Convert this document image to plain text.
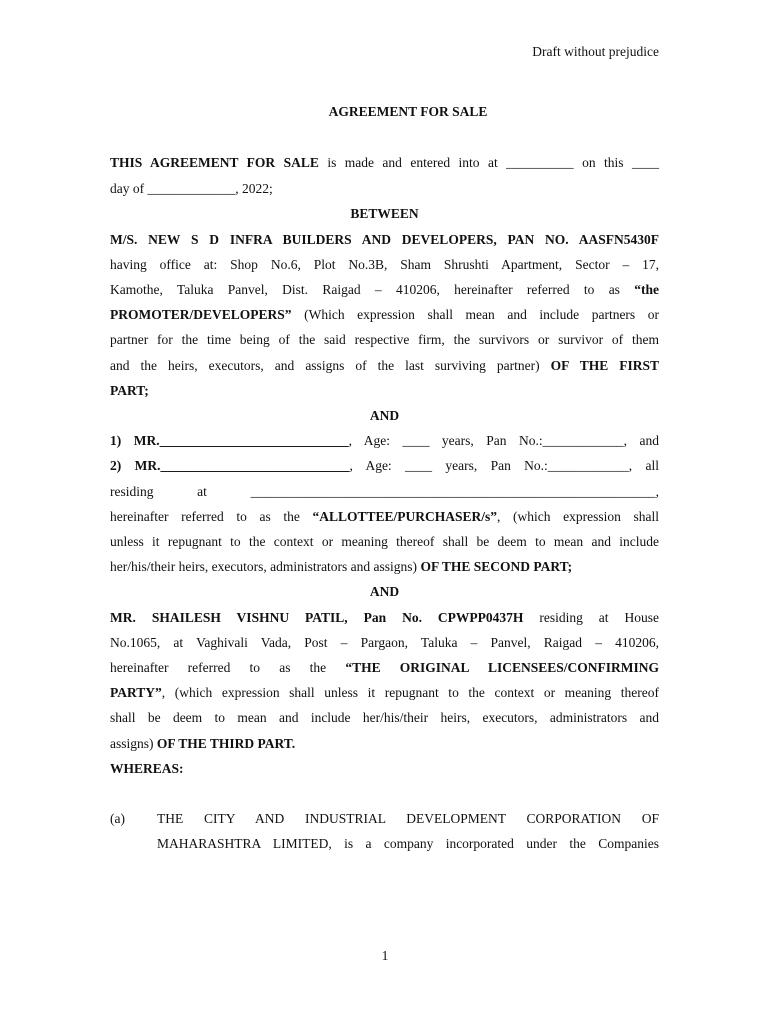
Draft without prejudice
AGREEMENT FOR SALE
THIS AGREEMENT FOR SALE is made and entered into at __________ on this ____
day of _____________, 2022;
BETWEEN
M/S. NEW S D INFRA BUILDERS AND DEVELOPERS, PAN NO. AASFN5430F
having office at: Shop No.6, Plot No.3B, Sham Shrushti Apartment, Sector – 17,
Kamothe, Taluka Panvel, Dist. Raigad – 410206, hereinafter referred to as “the
PROMOTER/DEVELOPERS” (Which expression shall mean and include partners or
partner for the time being of the said respective firm, the survivors or survivor of them
and the heirs, executors, and assigns of the last surviving partner) OF THE FIRST
PART;
AND
1) MR.____________________________, Age: ____ years, Pan No.:____________, and
2) MR.____________________________, Age: ____ years, Pan No.:____________, all
residing at ____________________________________________________________,
hereinafter referred to as the “ALLOTTEE/PURCHASER/s”, (which expression shall
unless it repugnant to the context or meaning thereof shall be deem to mean and include
her/his/their heirs, executors, administrators and assigns) OF THE SECOND PART;
AND
MR. SHAILESH VISHNU PATIL, Pan No. CPWPP0437H residing at House
No.1065, at Vaghivali Vada, Post – Pargaon, Taluka – Panvel, Raigad – 410206,
hereinafter referred to as the “THE ORIGINAL LICENSEES/CONFIRMING
PARTY”, (which expression shall unless it repugnant to the context or meaning thereof
shall be deem to mean and include her/his/their heirs, executors, administrators and
assigns) OF THE THIRD PART.
WHEREAS:
(a) THE CITY AND INDUSTRIAL DEVELOPMENT CORPORATION OF
MAHARASHTRA LIMITED, is a company incorporated under the Companies
1
